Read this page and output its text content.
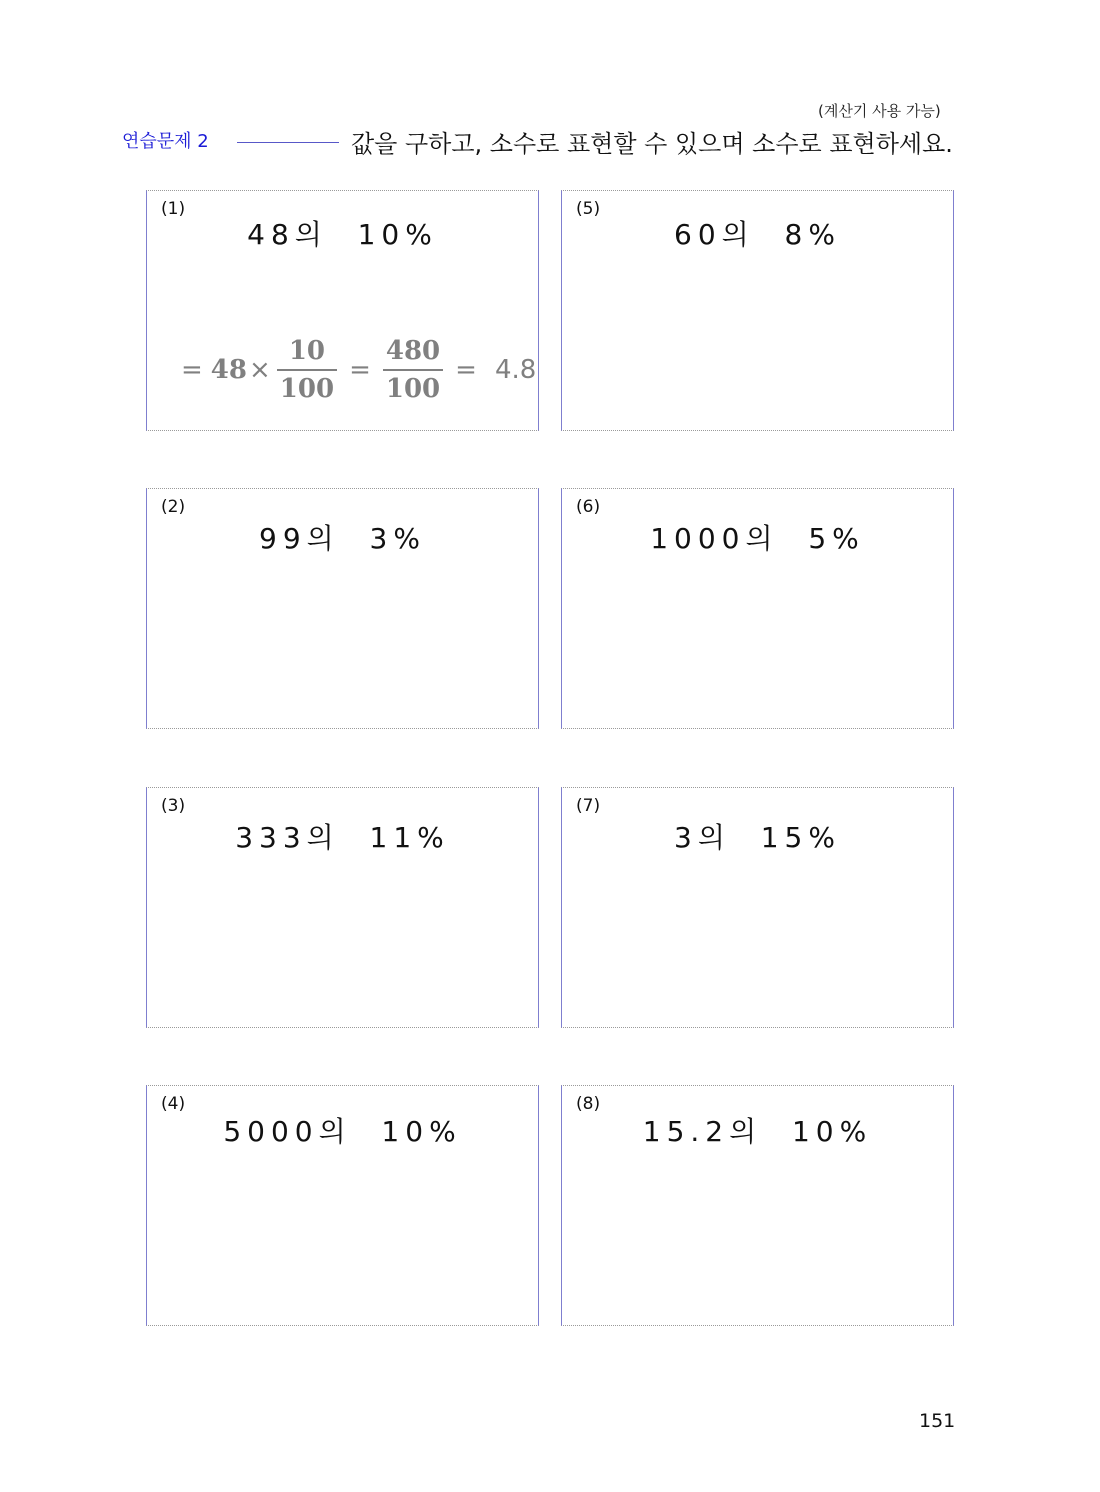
(계산기 사용 가능)
연습문제 2	값을 구하고, 소수로 표현할 수 있으며 소수로 표현하세요.
(1)
48의  10%
= $48 \times \frac{10}{100} = \frac{480}{100} = 4.8$
(2)
99의  3%
(3)
333의  11%
(4)
5000의  10%
(5)
60의  8%
(6)
1000의  5%
(7)
3의  15%
(8)
15.2의  10%
151
